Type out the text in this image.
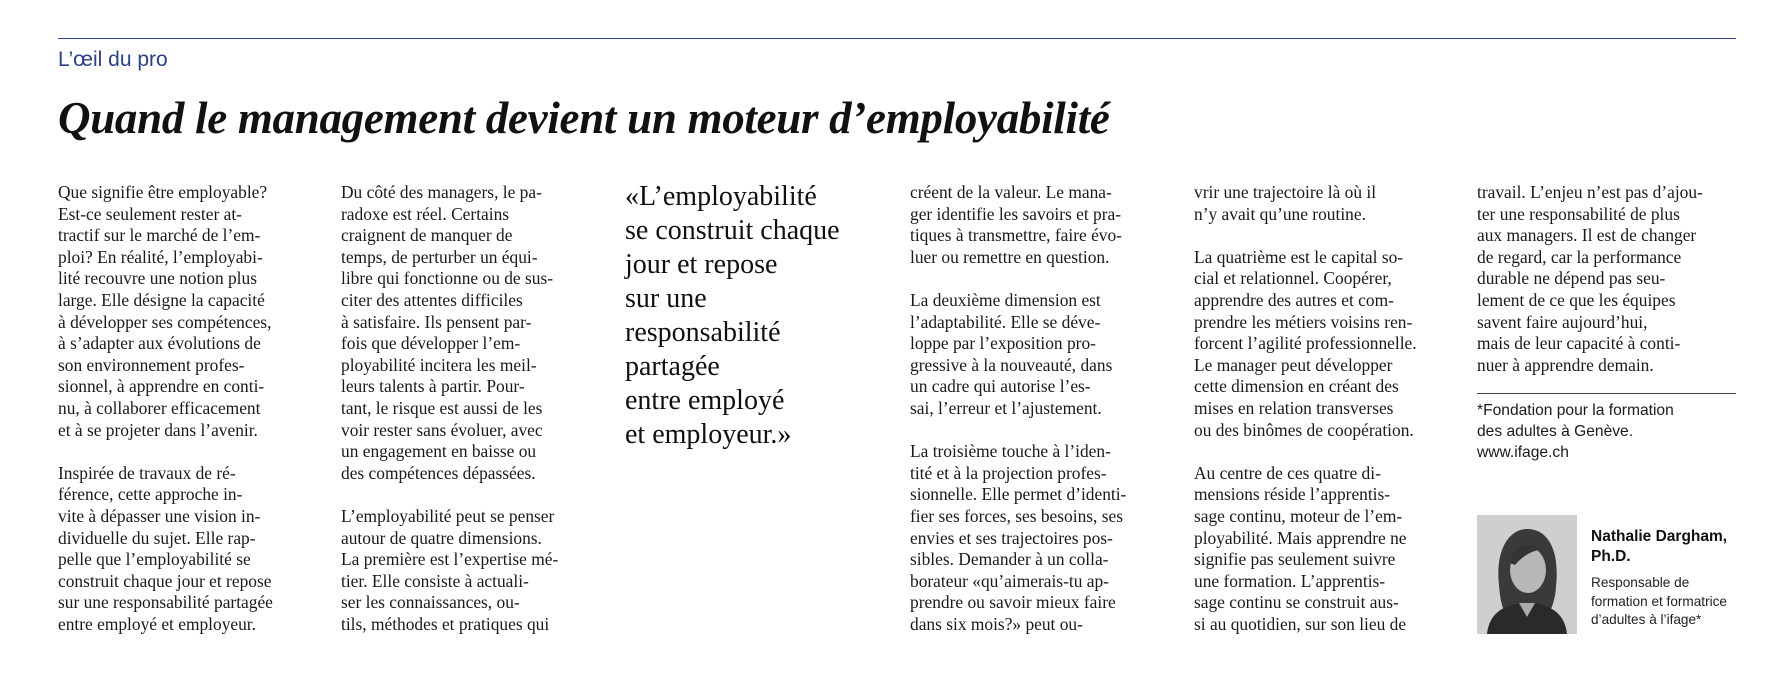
L’œil du pro
Quand le management devient un moteur d’employabilité

Que signifie être employable?
Est-ce seulement rester at-
tractif sur le marché de l’em-
ploi? En réalité, l’employabi-
lité recouvre une notion plus
large. Elle désigne la capacité
à développer ses compétences,
à s’adapter aux évolutions de
son environnement profes-
sionnel, à apprendre en conti-
nu, à collaborer efficacement
et à se projeter dans l’avenir.

Inspirée de travaux de ré-
férence, cette approche in-
vite à dépasser une vision in-
dividuelle du sujet. Elle rap-
pelle que l’employabilité se
construit chaque jour et repose
sur une responsabilité partagée
entre employé et employeur.

Du côté des managers, le pa-
radoxe est réel. Certains
craignent de manquer de
temps, de perturber un équi-
libre qui fonctionne ou de sus-
citer des attentes difficiles
à satisfaire. Ils pensent par-
fois que développer l’em-
ployabilité incitera les meil-
leurs talents à partir. Pour-
tant, le risque est aussi de les
voir rester sans évoluer, avec
un engagement en baisse ou
des compétences dépassées.

L’employabilité peut se penser
autour de quatre dimensions.
La première est l’expertise mé-
tier. Elle consiste à actuali-
ser les connaissances, ou-
tils, méthodes et pratiques qui

«L’employabilité
se construit chaque
jour et repose
sur une
responsabilité
partagée
entre employé
et employeur.»

créent de la valeur. Le mana-
ger identifie les savoirs et pra-
tiques à transmettre, faire évo-
luer ou remettre en question.

La deuxième dimension est
l’adaptabilité. Elle se déve-
loppe par l’exposition pro-
gressive à la nouveauté, dans
un cadre qui autorise l’es-
sai, l’erreur et l’ajustement.

La troisième touche à l’iden-
tité et à la projection profes-
sionnelle. Elle permet d’identi-
fier ses forces, ses besoins, ses
envies et ses trajectoires pos-
sibles. Demander à un colla-
borateur «qu’aimerais-tu ap-
prendre ou savoir mieux faire
dans six mois?» peut ou-

vrir une trajectoire là où il
n’y avait qu’une routine.

La quatrième est le capital so-
cial et relationnel. Coopérer,
apprendre des autres et com-
prendre les métiers voisins ren-
forcent l’agilité professionnelle.
Le manager peut développer
cette dimension en créant des
mises en relation transverses
ou des binômes de coopération.

Au centre de ces quatre di-
mensions réside l’apprentis-
sage continu, moteur de l’em-
ployabilité. Mais apprendre ne
signifie pas seulement suivre
une formation. L’apprentis-
sage continu se construit aus-
si au quotidien, sur son lieu de

travail. L’enjeu n’est pas d’ajou-
ter une responsabilité de plus
aux managers. Il est de changer
de regard, car la performance
durable ne dépend pas seu-
lement de ce que les équipes
savent faire aujourd’hui,
mais de leur capacité à conti-
nuer à apprendre demain.

*Fondation pour la formation
des adultes à Genève.
www.ifage.ch
Nathalie Dargham,
Ph.D.
Responsable de
formation et formatrice
d’adultes à l’ifage*
